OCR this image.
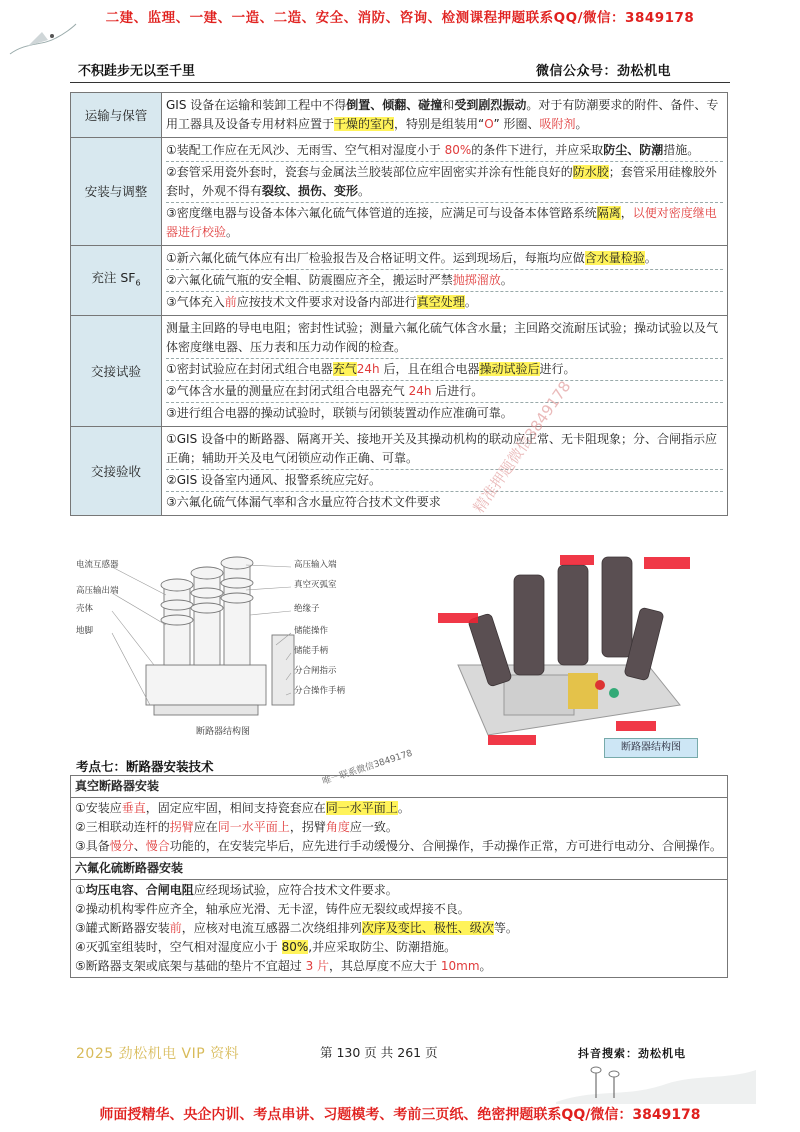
二建、监理、一建、一造、二造、安全、消防、咨询、检测课程押题联系QQ/微信：3849178
不积跬步无以至千里	微信公众号：劲松机电
运输与保管	GIS 设备在运输和装卸工程中不得倒置、倾翻、碰撞和受到剧烈振动。对于有防潮要求的附件、备件、专用工器具及设备专用材料应置于干燥的室内，特别是组装用“O” 形圈、吸附剂。
安装与调整	①装配工作应在无风沙、无雨雪、空气相对湿度小于 80%的条件下进行，并应采取防尘、防潮措施。
②套管采用瓷外套时，瓷套与金属法兰胶装部位应牢固密实并涂有性能良好的防水胶；套管采用硅橡胶外套时，外观不得有裂纹、损伤、变形。
③密度继电器与设备本体六氟化硫气体管道的连接，应满足可与设备本体管路系统隔离，以便对密度继电器进行校验。

充注 $SF_6$	①新六氟化硫气体应有出厂检验报告及合格证明文件。运到现场后，每瓶均应做含水量检验。
②六氟化硫气瓶的安全帽、防震圈应齐全，搬运时严禁抛掷溜放。
③气体充入前应按技术文件要求对设备内部进行真空处理。

交接试验	测量主回路的导电电阻；密封性试验；测量六氟化硫气体含水量；主回路交流耐压试验；操动试验以及气体密度继电器、压力表和压力动作阀的检查。
①密封试验应在封闭式组合电器充气24h 后，且在组合电器操动试验后进行。
②气体含水量的测量应在封闭式组合电器充气 24h 后进行。
③进行组合电器的操动试验时，联锁与闭锁装置动作应准确可靠。

交接验收	①GIS 设备中的断路器、隔离开关、接地开关及其操动机构的联动应正常、无卡阻现象；分、合闸指示应正确；辅助开关及电气闭锁应动作正确、可靠。
②GIS 设备室内通风、报警系统应完好。
③六氟化硫气体漏气率和含水量应符合技术文件要求
电流互感器
高压输出端
壳体
地脚
高压输入端
真空灭弧室
绝缘子
储能操作
储能手柄
分合闸指示
分合操作手柄
断路器结构图
断路器结构图
精准押题微信3849178
唯一联系微信3849178
考点七：断路器安装技术
真空断路器安装

①安装应垂直，固定应牢固，相间支持瓷套应在同一水平面上。
②三相联动连杆的拐臂应在同一水平面上，拐臂角度应一致。
③具备慢分、慢合功能的，在安装完毕后，应先进行手动缓慢分、合闸操作，手动操作正常，方可进行电动分、合闸操作。

六氟化硫断路器安装

①均压电容、合闸电阻应经现场试验，应符合技术文件要求。
②操动机构零件应齐全，轴承应光滑、无卡涩，铸件应无裂纹或焊接不良。
③罐式断路器安装前，应核对电流互感器二次绕组排列次序及变比、极性、级次等。
④灭弧室组装时，空气相对湿度应小于 80%,并应采取防尘、防潮措施。
⑤断路器支架或底架与基础的垫片不宜超过 3 片，其总厚度不应大于 10mm。
2025 劲松机电 VIP 资料	第 130 页 共 261 页	抖音搜索：劲松机电
师面授精华、央企内训、考点串讲、习题模考、考前三页纸、绝密押题联系QQ/微信：3849178
